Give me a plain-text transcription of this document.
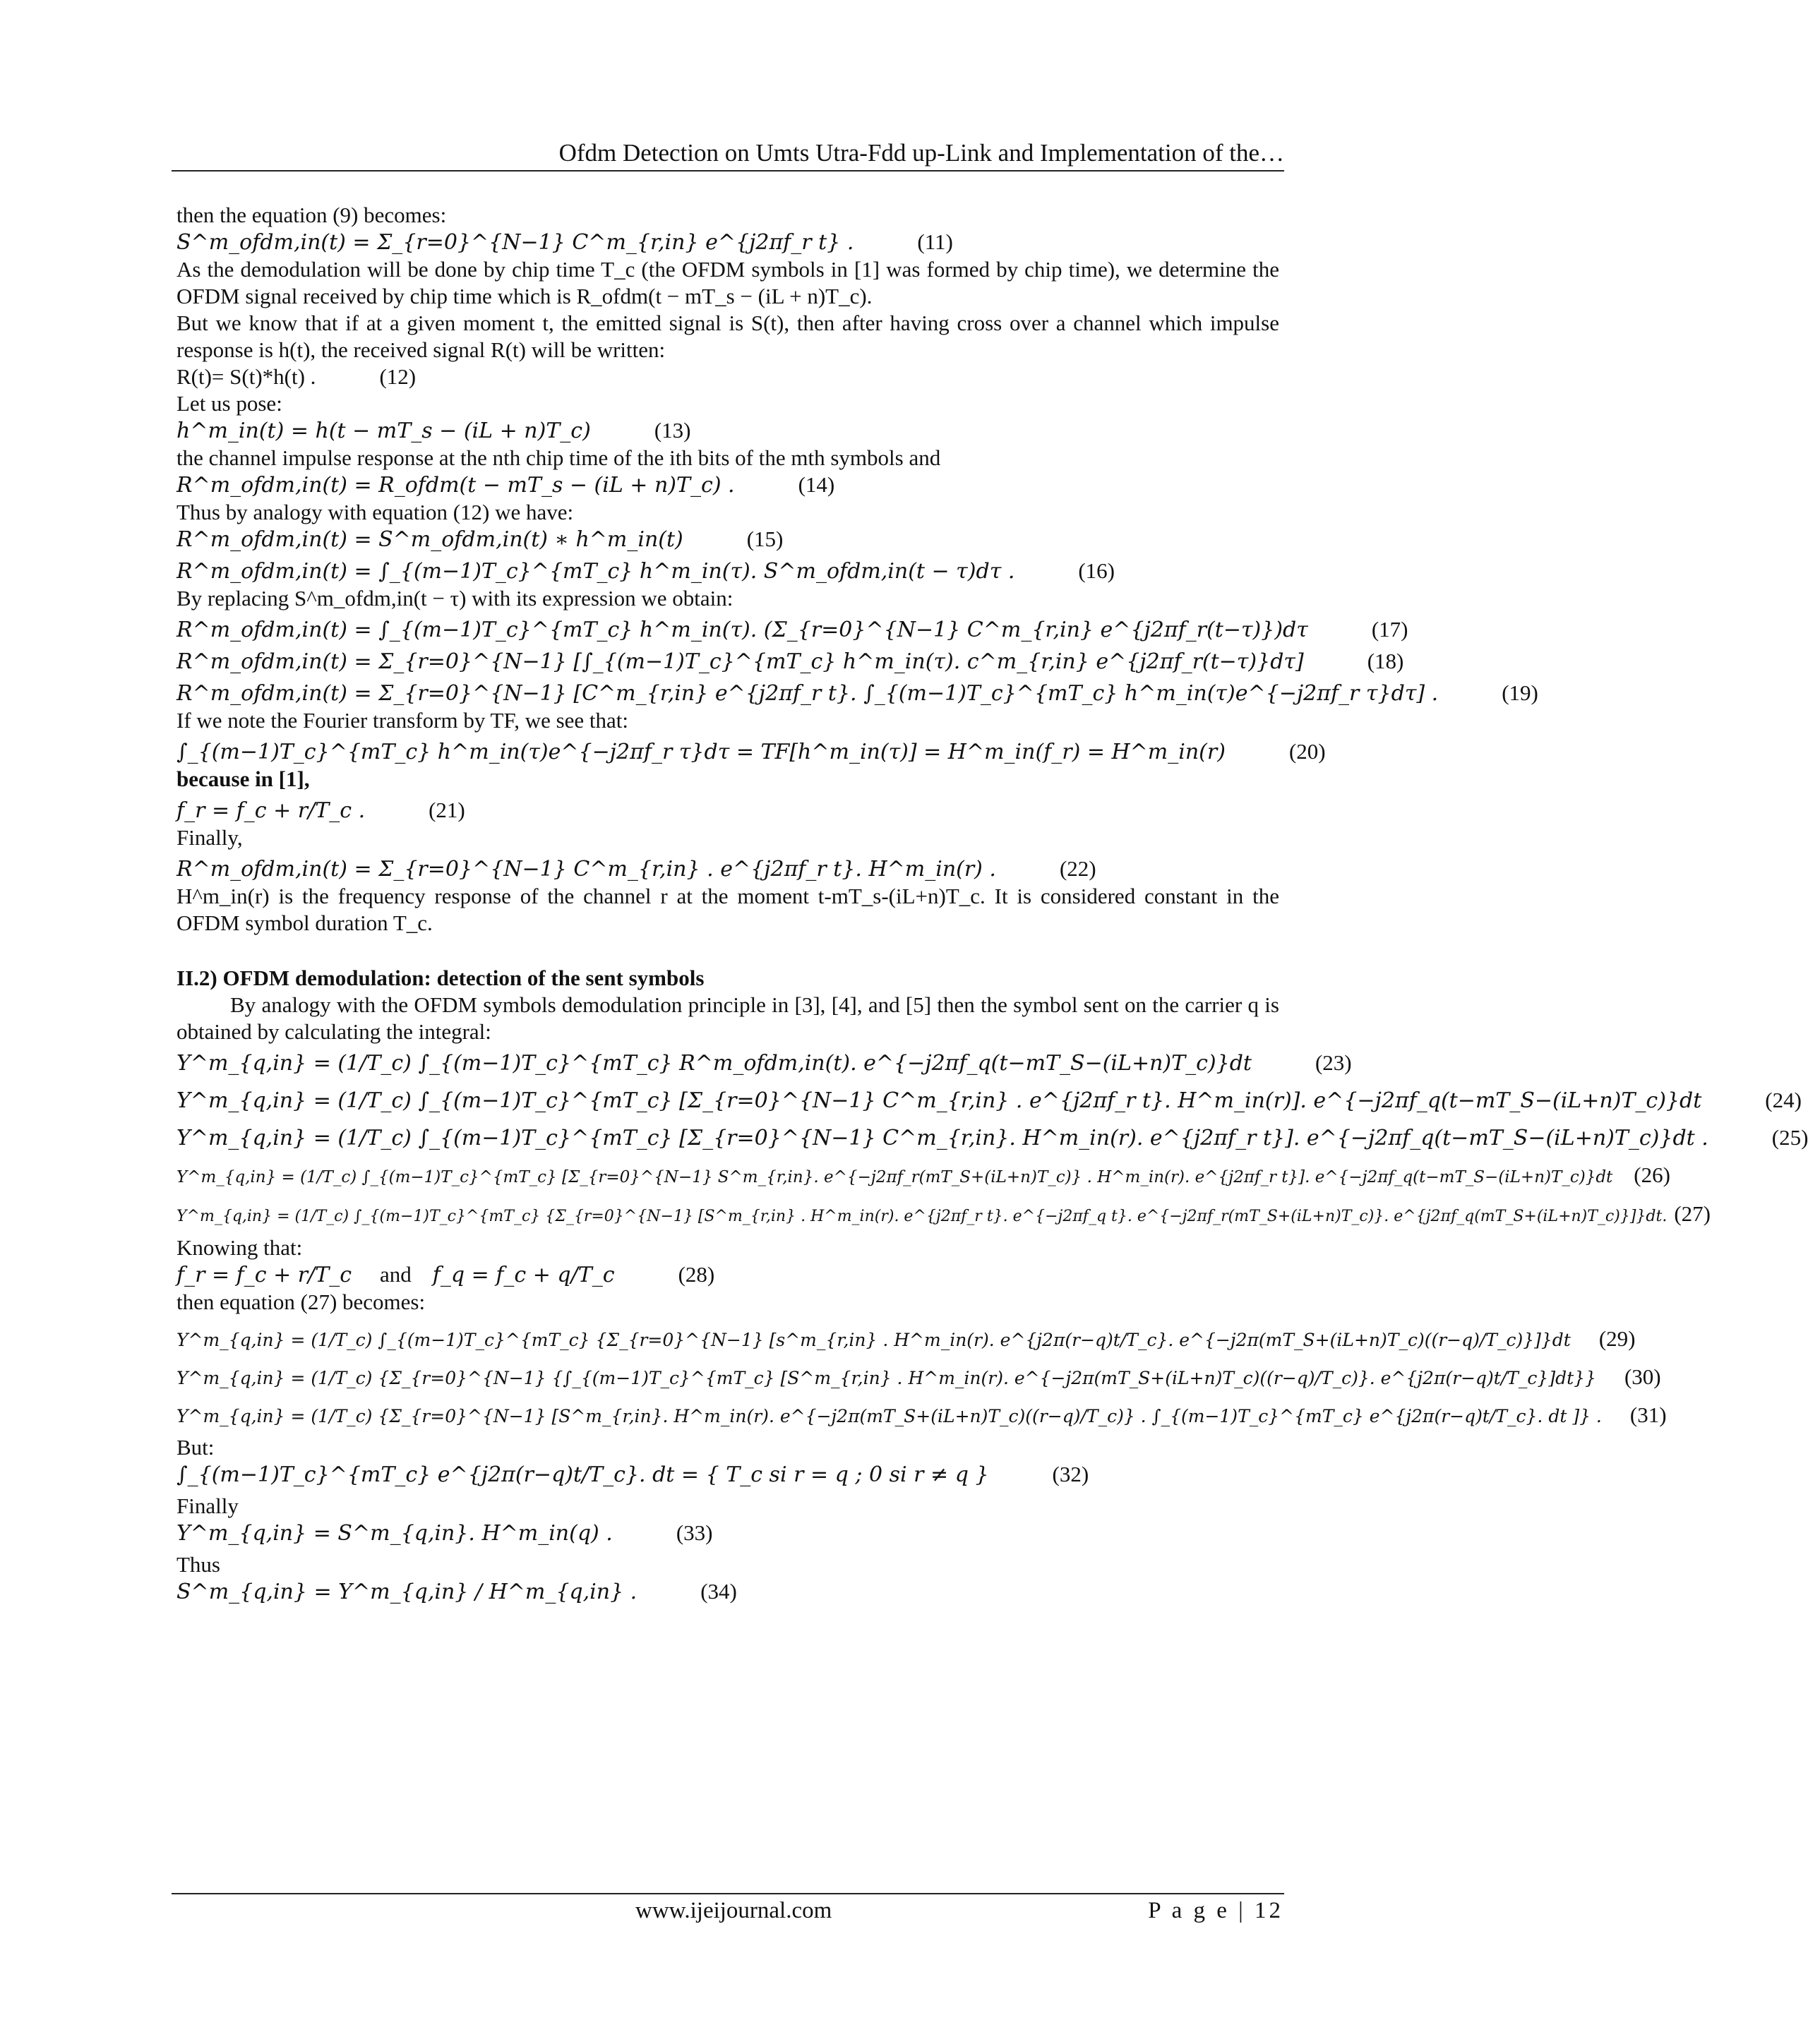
Ofdm Detection on Umts Utra-Fdd up-Link and Implementation of the…
then the equation (9) becomes:
S^m_ofdm,in(t) = Σ_{r=0}^{N−1} C^m_{r,in} e^{j2πf_r t} .	(11)
As the demodulation will be done by chip time T_c (the OFDM symbols in [1] was formed by chip time), we determine the OFDM signal received by chip time which is R_ofdm(t − mT_s − (iL + n)T_c).
But we know that if at a given moment t, the emitted signal is S(t), then after having cross over a channel which impulse response is h(t), the received signal R(t) will be written:
R(t)= S(t)*h(t) .	(12)
Let us pose:
h^m_in(t) = h(t − mT_s − (iL + n)T_c)	(13)
the channel impulse response at the nth chip time of the ith bits of the mth symbols and
R^m_ofdm,in(t) = R_ofdm(t − mT_s − (iL + n)T_c) .	(14)
Thus by analogy with equation (12) we have:
R^m_ofdm,in(t) = S^m_ofdm,in(t) ∗ h^m_in(t)	(15)
R^m_ofdm,in(t) = ∫_{(m−1)T_c}^{mT_c} h^m_in(τ). S^m_ofdm,in(t − τ)dτ .	(16)
By replacing S^m_ofdm,in(t − τ) with its expression we obtain:
R^m_ofdm,in(t) = ∫_{(m−1)T_c}^{mT_c} h^m_in(τ). (Σ_{r=0}^{N−1} C^m_{r,in} e^{j2πf_r(t−τ)})dτ	(17)
R^m_ofdm,in(t) = Σ_{r=0}^{N−1} [∫_{(m−1)T_c}^{mT_c} h^m_in(τ). c^m_{r,in} e^{j2πf_r(t−τ)}dτ]	(18)
R^m_ofdm,in(t) = Σ_{r=0}^{N−1} [C^m_{r,in} e^{j2πf_r t}. ∫_{(m−1)T_c}^{mT_c} h^m_in(τ)e^{−j2πf_r τ}dτ] .	(19)
If we note the Fourier transform by TF, we see that:
∫_{(m−1)T_c}^{mT_c} h^m_in(τ)e^{−j2πf_r τ}dτ = TF[h^m_in(τ)] = H^m_in(f_r) = H^m_in(r)	(20)
because in [1],
f_r = f_c + r/T_c .	(21)
Finally,
R^m_ofdm,in(t) = Σ_{r=0}^{N−1} C^m_{r,in} . e^{j2πf_r t}. H^m_in(r) .	(22)
H^m_in(r) is the frequency response of the channel r at the moment t-mT_s-(iL+n)T_c. It is considered constant in the OFDM symbol duration T_c.
II.2) OFDM demodulation: detection of the sent symbols
By analogy with the OFDM symbols demodulation principle in [3], [4], and [5] then the symbol sent on the carrier q is obtained by calculating the integral:
Y^m_{q,in} = (1/T_c) ∫_{(m−1)T_c}^{mT_c} R^m_ofdm,in(t). e^{−j2πf_q(t−mT_S−(iL+n)T_c)}dt	(23)
Y^m_{q,in} = (1/T_c) ∫_{(m−1)T_c}^{mT_c} [Σ_{r=0}^{N−1} C^m_{r,in} . e^{j2πf_r t}. H^m_in(r)]. e^{−j2πf_q(t−mT_S−(iL+n)T_c)}dt	(24)
Y^m_{q,in} = (1/T_c) ∫_{(m−1)T_c}^{mT_c} [Σ_{r=0}^{N−1} C^m_{r,in}. H^m_in(r). e^{j2πf_r t}]. e^{−j2πf_q(t−mT_S−(iL+n)T_c)}dt .	(25)
Y^m_{q,in} = (1/T_c) ∫_{(m−1)T_c}^{mT_c} [Σ_{r=0}^{N−1} S^m_{r,in}. e^{−j2πf_r(mT_S+(iL+n)T_c)} . H^m_in(r). e^{j2πf_r t}]. e^{−j2πf_q(t−mT_S−(iL+n)T_c)}dt (26)
Y^m_{q,in} = (1/T_c) ∫_{(m−1)T_c}^{mT_c} {Σ_{r=0}^{N−1} [S^m_{r,in} . H^m_in(r). e^{j2πf_r t}. e^{−j2πf_q t}. e^{−j2πf_r(mT_S+(iL+n)T_c)}. e^{j2πf_q(mT_S+(iL+n)T_c)}]}dt. (27)
Knowing that:
f_r = f_c + r/T_c and f_q = f_c + q/T_c	(28)
then equation (27) becomes:
Y^m_{q,in} = (1/T_c) ∫_{(m−1)T_c}^{mT_c} {Σ_{r=0}^{N−1} [s^m_{r,in} . H^m_in(r). e^{j2π(r−q)t/T_c}. e^{−j2π(mT_S+(iL+n)T_c)((r−q)/T_c)}]}dt (29)
Y^m_{q,in} = (1/T_c) {Σ_{r=0}^{N−1} {∫_{(m−1)T_c}^{mT_c} [S^m_{r,in} . H^m_in(r). e^{−j2π(mT_S+(iL+n)T_c)((r−q)/T_c)}. e^{j2π(r−q)t/T_c}]dt}} (30)
Y^m_{q,in} = (1/T_c) {Σ_{r=0}^{N−1} [S^m_{r,in}. H^m_in(r). e^{−j2π(mT_S+(iL+n)T_c)((r−q)/T_c)} . ∫_{(m−1)T_c}^{mT_c} e^{j2π(r−q)t/T_c}. dt ]} . (31)
But:
∫_{(m−1)T_c}^{mT_c} e^{j2π(r−q)t/T_c}. dt = { T_c si r = q ; 0 si r ≠ q }	(32)
Finally
Y^m_{q,in} = S^m_{q,in}. H^m_in(q) .	(33)
Thus
S^m_{q,in} = Y^m_{q,in} / H^m_{q,in} .	(34)
www.ijeijournal.com	P a g e | 12
